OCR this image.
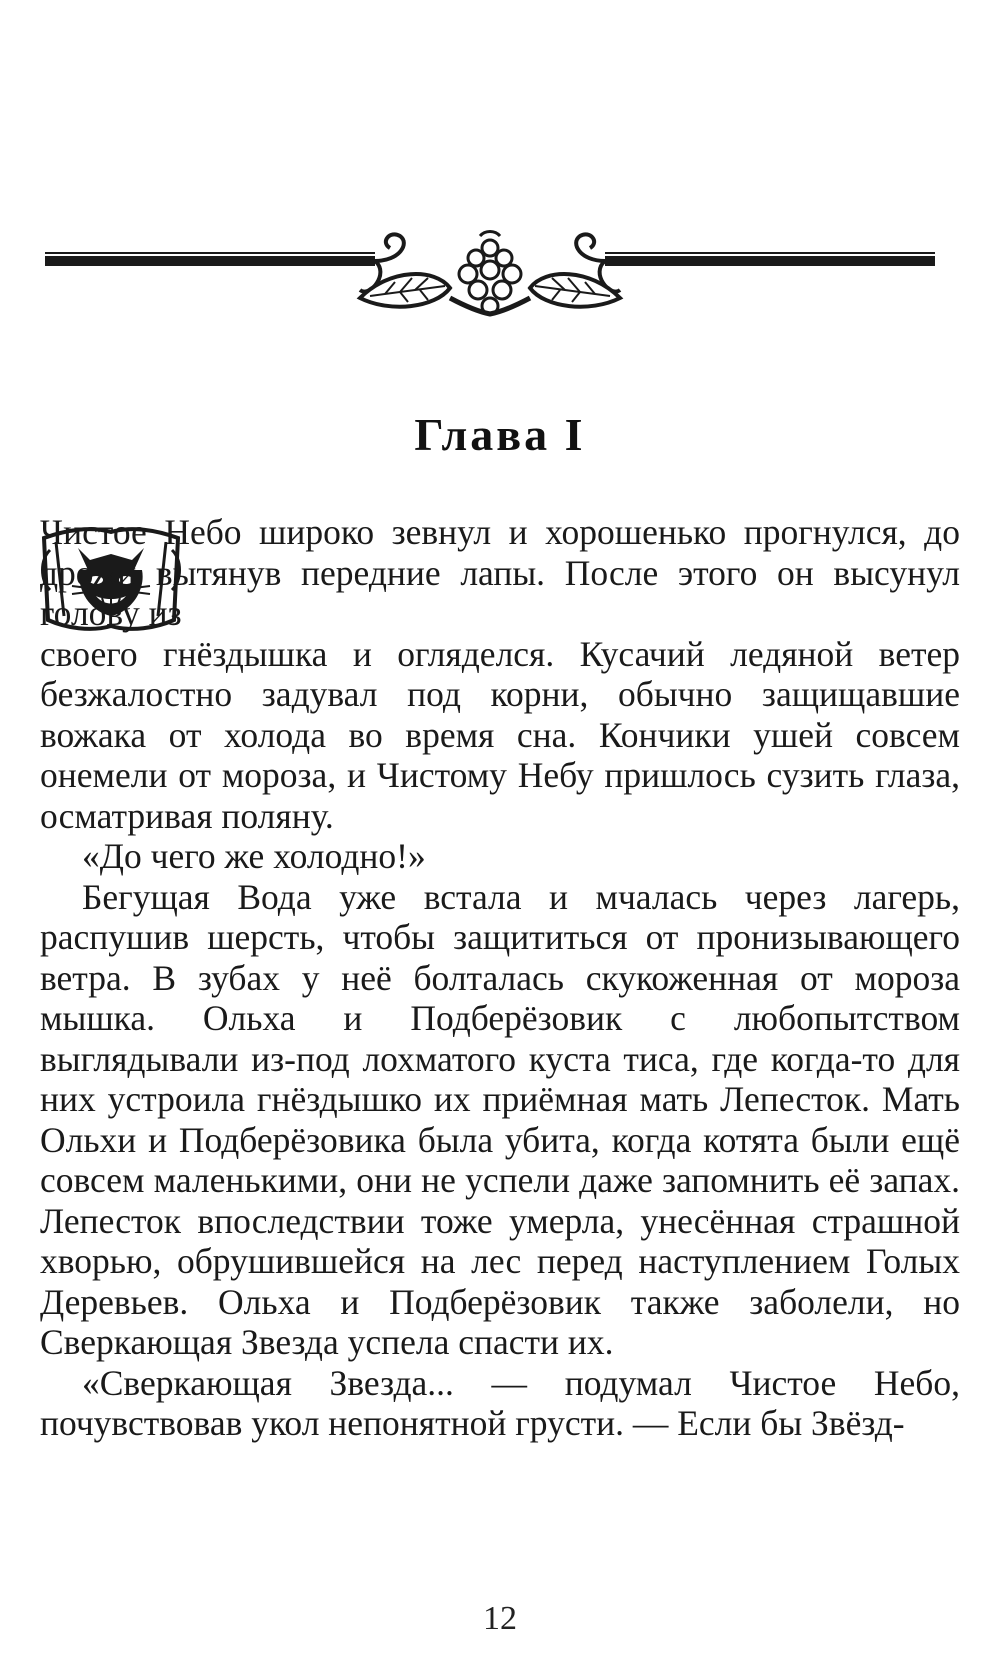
Глава I

Чистое Небо широко зевнул и хорошенько прогнулся, до дрожи вытянув передние лапы. После этого он высунул голову из

своего гнёздышка и огляделся. Кусачий ледяной ветер безжалостно задувал под корни, обычно защищавшие вожака от холода во время сна. Кончики ушей совсем онемели от мороза, и Чистому Небу пришлось сузить глаза, осматривая поляну.

«До чего же холодно!»

Бегущая Вода уже встала и мчалась через лагерь, распушив шерсть, чтобы защититься от пронизывающего ветра. В зубах у неё болталась скукоженная от мороза мышка. Ольха и Подберёзовик с любопытством выглядывали из-под лохматого куста тиса, где когда-то для них устроила гнёздышко их приёмная мать Лепесток. Мать Ольхи и Подберёзовика была убита, когда котята были ещё совсем маленькими, они не успели даже запомнить её запах. Лепесток впоследствии тоже умерла, унесённая страшной хворью, обрушившейся на лес перед наступлением Голых Деревьев. Ольха и Подберёзовик также заболели, но Сверкающая Звезда успела спасти их.

«Сверкающая Звезда... — подумал Чистое Небо, почувствовав укол непонятной грусти. — Если бы Звёзд-

12
